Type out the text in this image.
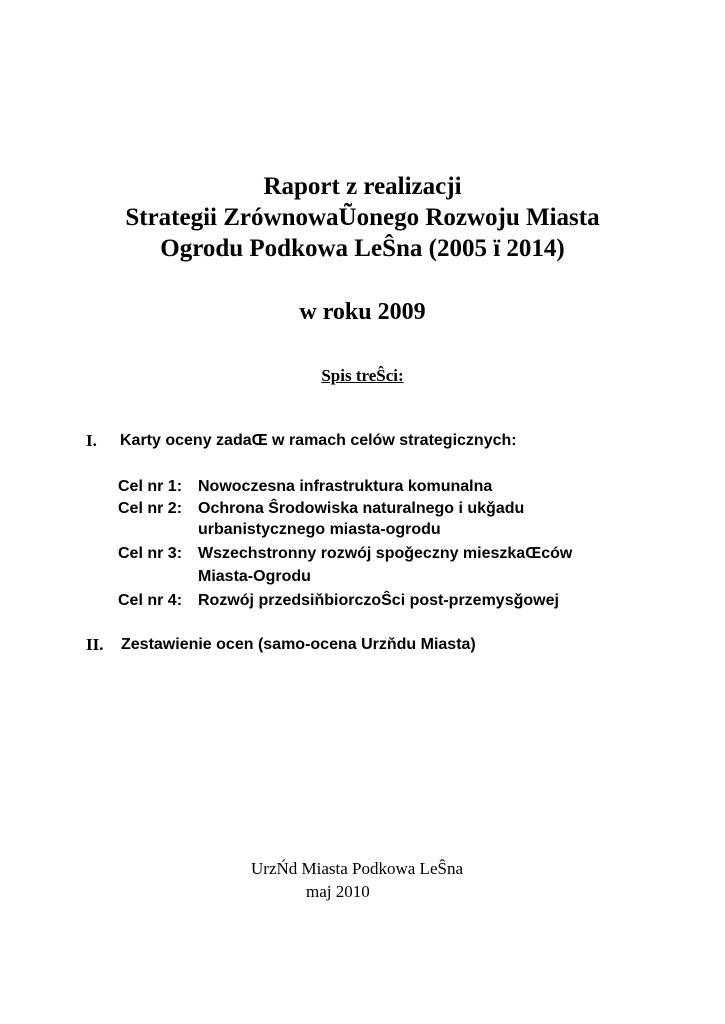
Raport z realizacji
Strategii ZrównowaŨonego Rozwoju Miasta
Ogrodu Podkowa LeŜna (2005 ï 2014)
w roku 2009
Spis treŜci:
I. Karty oceny zadaŒ w ramach celów strategicznych:
Cel nr 1: Nowoczesna infrastruktura komunalna
Cel nr 2: Ochrona Ŝrodowiska naturalnego i ukǧadu
urbanistycznego miasta-ogrodu
Cel nr 3: Wszechstronny rozwój spoǧeczny mieszkaŒców
Miasta-Ogrodu
Cel nr 4: Rozwój przedsiňbiorczoŜci post-przemysǧowej
II. Zestawienie ocen (samo-ocena Urzňdu Miasta)
UrzŃd Miasta Podkowa LeŜna
maj 2010
